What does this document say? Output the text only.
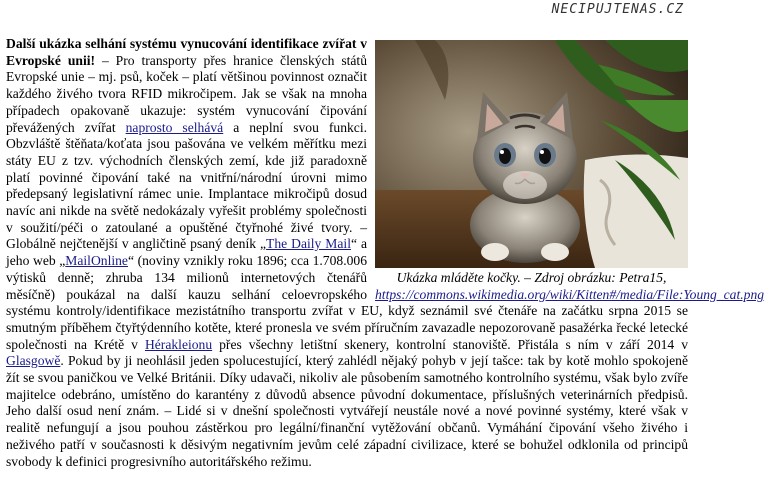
NECIPUJTENAS.CZ
Ukázka mláděte kočky. – Zdroj obrázku: Petra15, https://commons.wikimedia.org/wiki/Kitten#/media/File:Young_cat.png
Další ukázka selhání systému vynucování identifikace zvířat v Evropské unii! – Pro transporty přes hranice členských států Evropské unie – mj. psů, koček – platí většinou povinnost označit každého živého tvora RFID mikročipem. Jak se však na mnoha případech opakovaně ukazuje: systém vynucování čipování převážených zvířat naprosto selhává a neplní svou funkci. Obzvláště štěňata/koťata jsou pašována ve velkém měřítku mezi státy EU z tzv. východních členských zemí, kde již paradoxně platí povinné čipování také na vnitřní/národní úrovni mimo předepsaný legislativní rámec unie. Implantace mikročipů dosud navíc ani nikde na světě nedokázaly vyřešit problémy společnosti v soužití/péči o zatoulané a opuštěné čtyřnohé živé tvory. – Globálně nejčtenější v angličtině psaný deník „The Daily Mail“ a jeho web „MailOnline“ (noviny vznikly roku 1896; cca 1.708.006 výtisků denně; zhruba 134 milionů internetových čtenářů měsíčně) poukázal na další kauzu selhání celoevropského systému kontroly/identifikace mezistátního transportu zvířat v EU, když seznámil své čtenáře na začátku srpna 2015 se smutným příběhem čtyřtýdenního kotěte, které pronesla ve svém příručním zavazadle nepozorovaně pasažérka řecké letecké společnosti na Krétě v Hérakleionu přes všechny letištní skenery, kontrolní stanoviště. Přistála s ním v září 2014 v Glasgowě. Pokud by ji neohlásil jeden spolucestující, který zahlédl nějaký pohyb v její tašce: tak by kotě mohlo spokojeně žít se svou paničkou ve Velké Británii. Díky udavači, nikoliv ale působením samotného kontrolního systému, však bylo zvíře majitelce odebráno, umístěno do karantény z důvodů absence původní dokumentace, příslušných veterinárních předpisů. Jeho další osud není znám. – Lidé si v dnešní společnosti vytvářejí neustále nové a nové povinné systémy, které však v realitě nefungují a jsou pouhou zástěrkou pro legální/finanční vytěžování občanů. Vymáhání čipování všeho živého i neživého patří v současnosti k děsivým negativním jevům celé západní civilizace, které se bohužel odklonila od principů svobody k definici progresivního autoritářského režimu.
